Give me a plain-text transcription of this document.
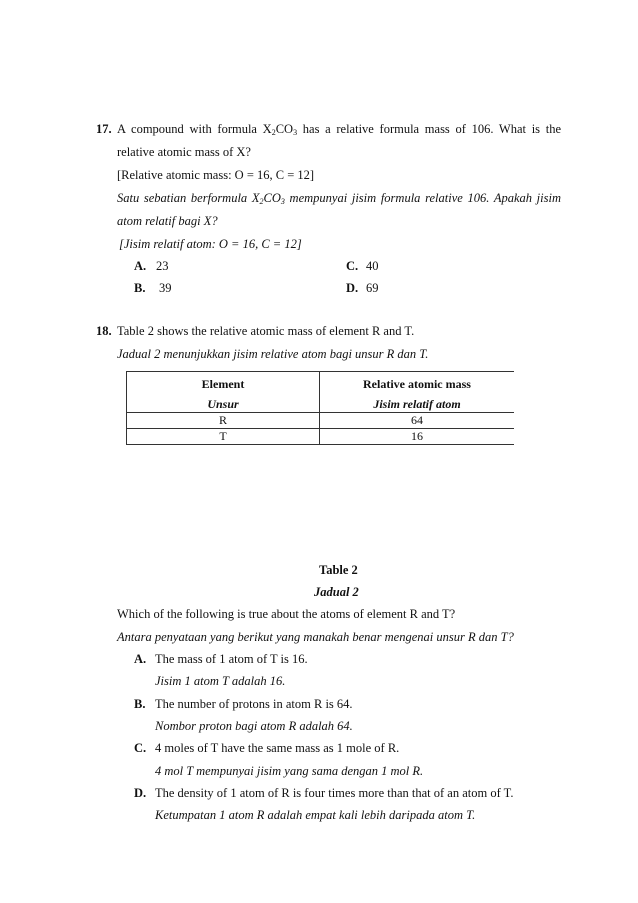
17. A compound with formula $X_2CO_3$ has a relative formula mass of 106. What is the
relative atomic mass of X?
[Relative atomic mass: O = 16, C = 12]
Satu sebatian berformula $X_2CO_3$ mempunyai jisim formula relative 106. Apakah jisim
atom relatif bagi X?
[Jisim relatif atom: O = 16, C = 12]
A. 23
B. 39
C. 40
D. 69
18. Table 2 shows the relative atomic mass of element R and T.
Jadual 2 menunjukkan jisim relative atom bagi unsur R dan T.
Element	Relative atomic mass
Unsur	Jisim relatif atom
R	64
T	16
Table 2
Jadual 2
Which of the following is true about the atoms of element R and T?
Antara penyataan yang berikut yang manakah benar mengenai unsur R dan T?
A. The mass of 1 atom of T is 16.
Jisim 1 atom T adalah 16.
B. The number of protons in atom R is 64.
Nombor proton bagi atom R adalah 64.
C. 4 moles of T have the same mass as 1 mole of R.
4 mol T mempunyai jisim yang sama dengan 1 mol R.
D. The density of 1 atom of R is four times more than that of an atom of T.
Ketumpatan 1 atom R adalah empat kali lebih daripada atom T.
